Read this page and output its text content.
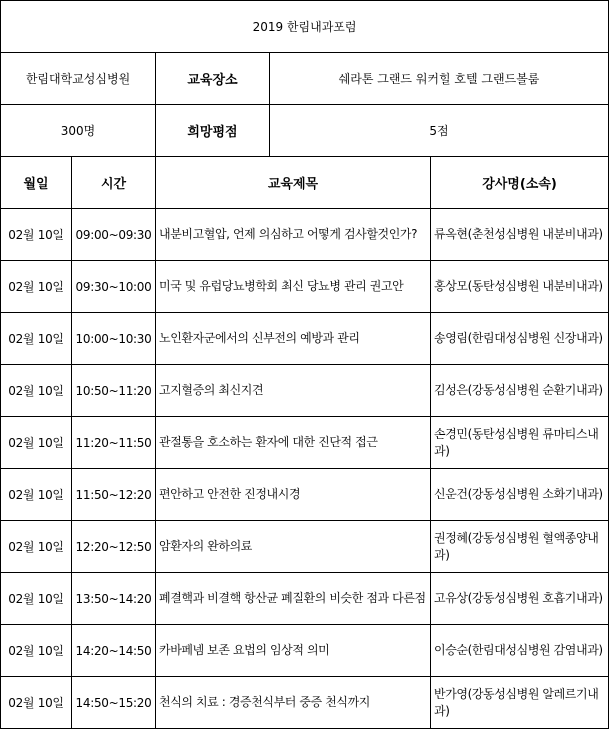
2019 한림내과포럼				
한림대학교성심병원		교육장소	쉐라톤 그랜드 워커힐 호텔 그랜드볼룸	
300명		희망평점	5점	
월일	시간	교육제목		강사명(소속)
02월 10일	09:00~09:30	내분비고혈압, 언제 의심하고 어떻게 검사할것인가?		류옥현(춘천성심병원 내분비내과)
02월 10일	09:30~10:00	미국 및 유럽당뇨병학회 최신 당뇨병 관리 권고안		홍상모(동탄성심병원 내분비내과)
02월 10일	10:00~10:30	노인환자군에서의 신부전의 예방과 관리		송영림(한림대성심병원 신장내과)
02월 10일	10:50~11:20	고지혈증의 최신지견		김성은(강동성심병원 순환기내과)
02월 10일	11:20~11:50	관절통을 호소하는 환자에 대한 진단적 접근		손경민(동탄성심병원 류마티스내과)
02월 10일	11:50~12:20	편안하고 안전한 진정내시경		신운건(강동성심병원 소화기내과)
02월 10일	12:20~12:50	암환자의 완하의료		권정혜(강동성심병원 혈액종양내과)
02월 10일	13:50~14:20	폐결핵과 비결핵 항산균 폐질환의 비슷한 점과 다른점		고유상(강동성심병원 호흡기내과)
02월 10일	14:20~14:50	카바페넴 보존 요법의 임상적 의미		이승순(한림대성심병원 감염내과)
02월 10일	14:50~15:20	천식의 치료 : 경증천식부터 중증 천식까지		반가영(강동성심병원 알레르기내과)
